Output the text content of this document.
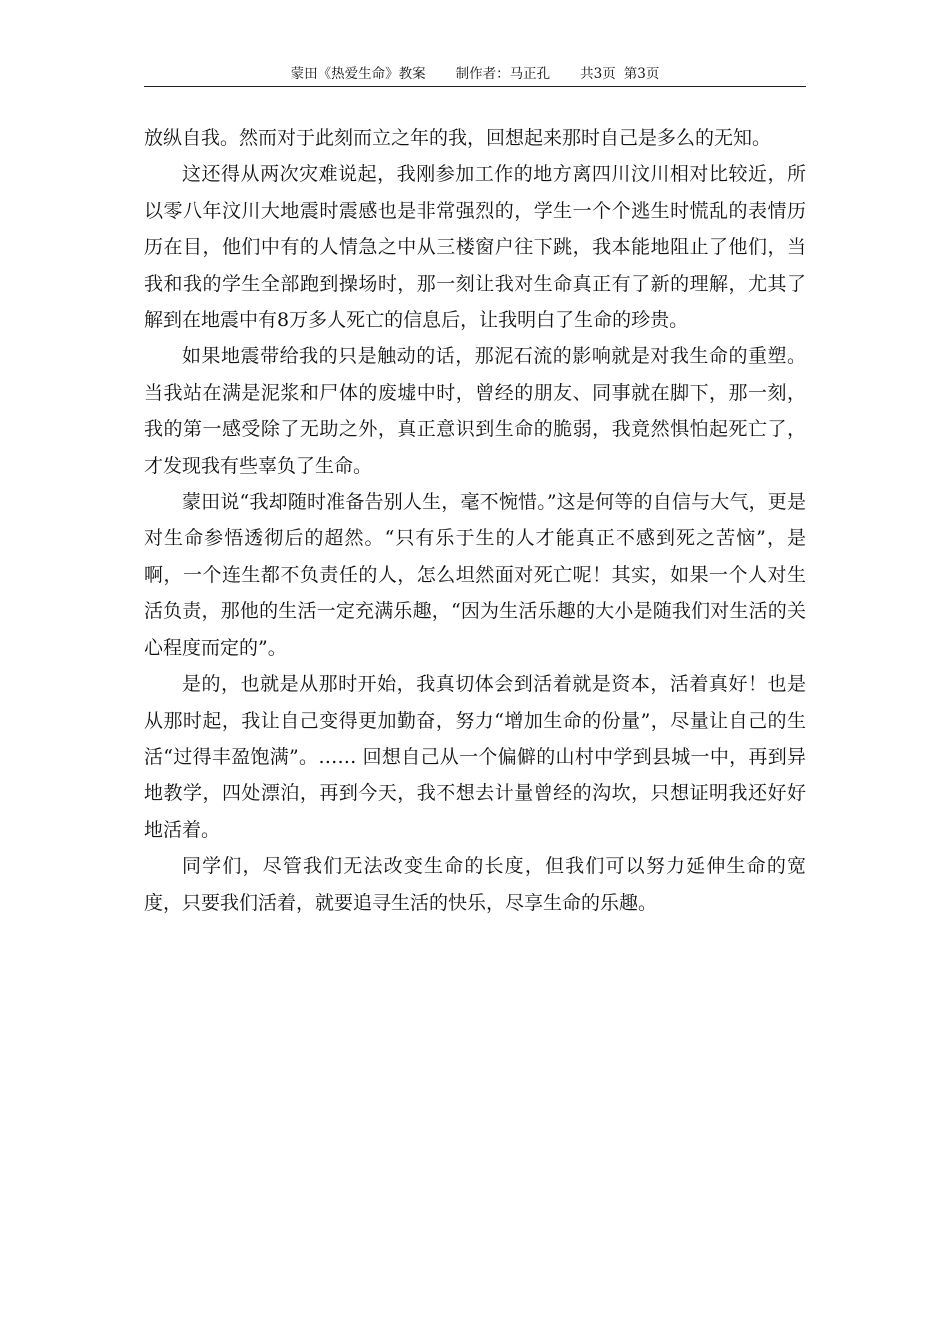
蒙田《热爱生命》教案 制作者：马正孔 共3页 第3页

放纵自我。然而对于此刻而立之年的我，回想起来那时自己是多么的无知。

这还得从两次灾难说起，我刚参加工作的地方离四川汶川相对比较近，所以零八年汶川大地震时震感也是非常强烈的，学生一个个逃生时慌乱的表情历历在目，他们中有的人情急之中从三楼窗户往下跳，我本能地阻止了他们，当我和我的学生全部跑到操场时，那一刻让我对生命真正有了新的理解，尤其了解到在地震中有8万多人死亡的信息后，让我明白了生命的珍贵。

如果地震带给我的只是触动的话，那泥石流的影响就是对我生命的重塑。当我站在满是泥浆和尸体的废墟中时，曾经的朋友、同事就在脚下，那一刻，我的第一感受除了无助之外，真正意识到生命的脆弱，我竟然惧怕起死亡了，才发现我有些辜负了生命。

蒙田说“我却随时准备告别人生，毫不惋惜。”这是何等的自信与大气，更是对生命参悟透彻后的超然。“只有乐于生的人才能真正不感到死之苦恼”，是啊，一个连生都不负责任的人，怎么坦然面对死亡呢！其实，如果一个人对生活负责，那他的生活一定充满乐趣，“因为生活乐趣的大小是随我们对生活的关心程度而定的”。

是的，也就是从那时开始，我真切体会到活着就是资本，活着真好！也是从那时起，我让自己变得更加勤奋，努力“增加生命的份量”，尽量让自己的生活“过得丰盈饱满”。…… 回想自己从一个偏僻的山村中学到县城一中，再到异地教学，四处漂泊，再到今天，我不想去计量曾经的沟坎，只想证明我还好好地活着。

同学们，尽管我们无法改变生命的长度，但我们可以努力延伸生命的宽度，只要我们活着，就要追寻生活的快乐，尽享生命的乐趣。
